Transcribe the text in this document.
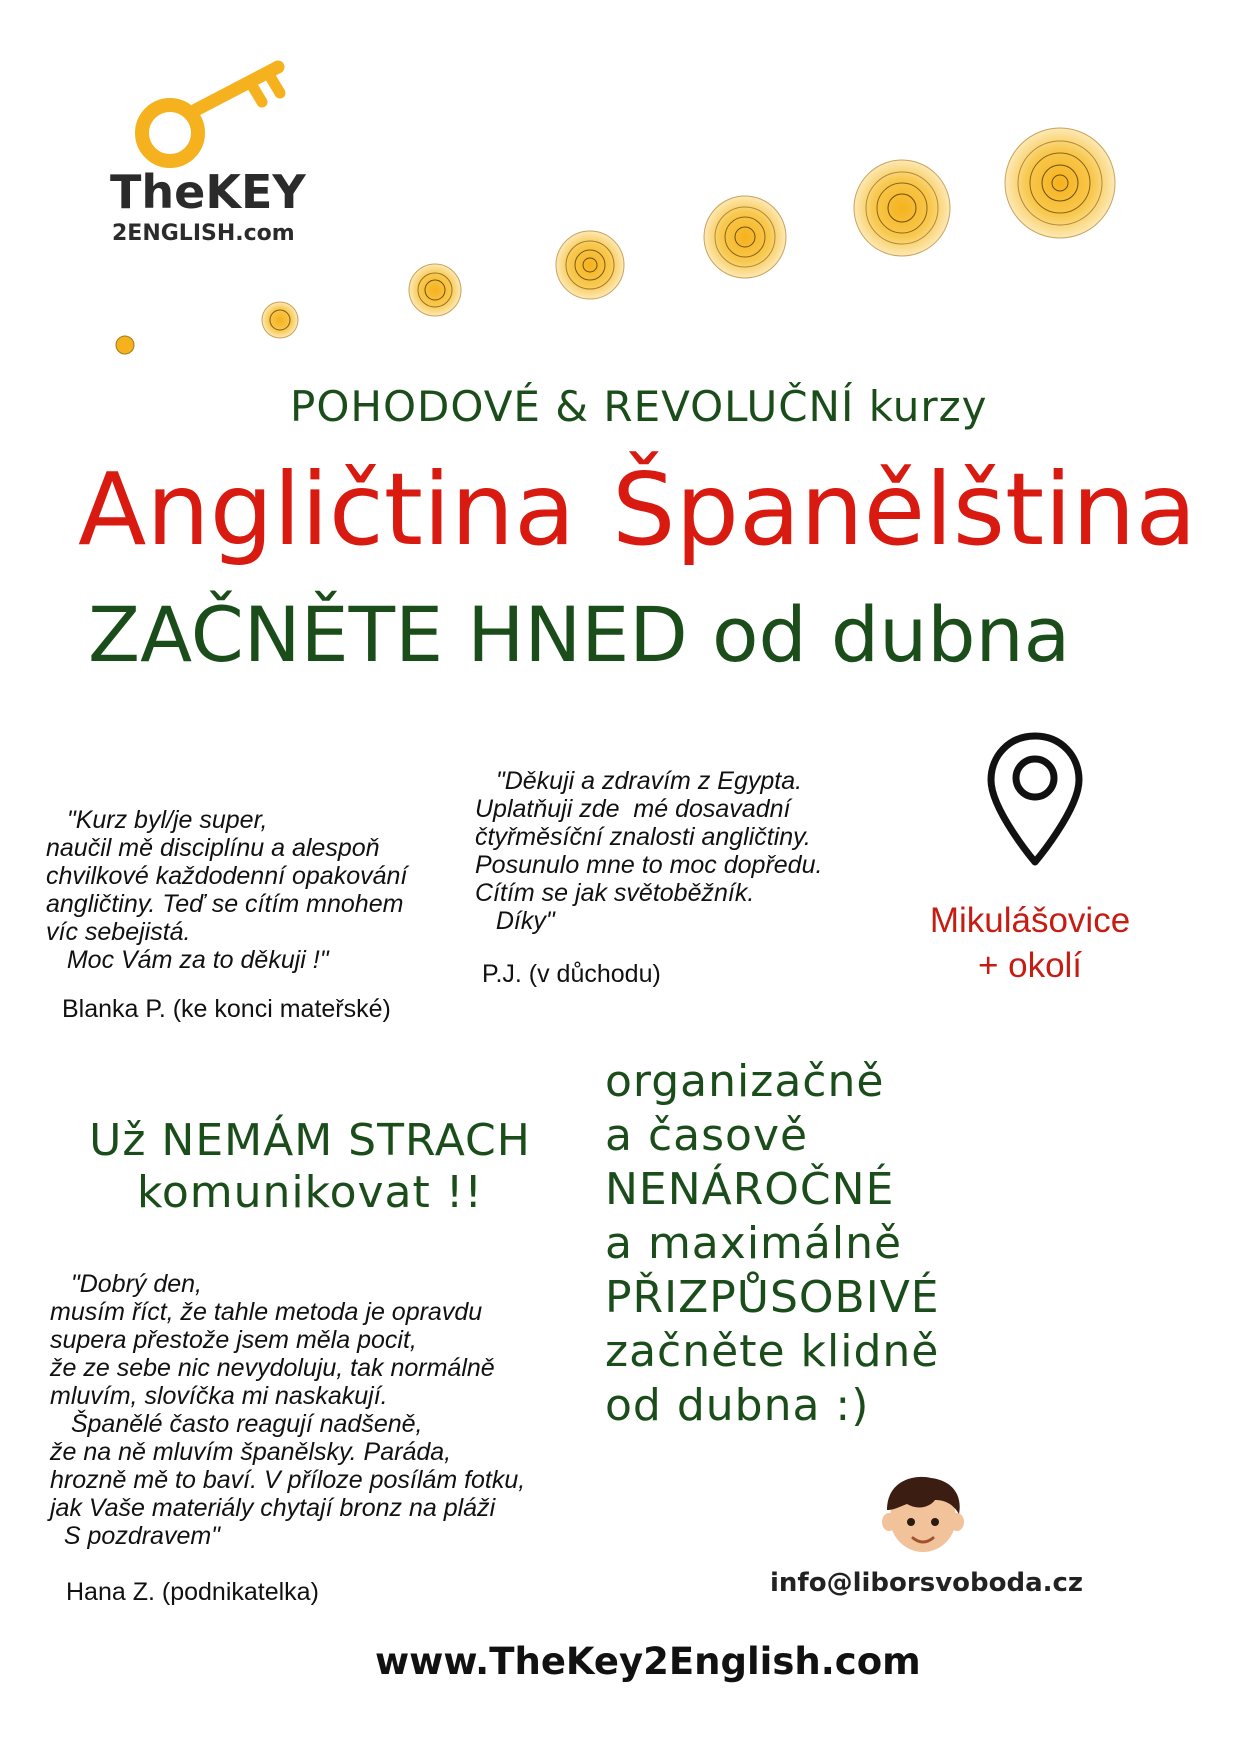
TheKEY
2ENGLISH.com
POHODOVÉ & REVOLUČNÍ kurzy
Angličtina Španělština
ZAČNĚTE HNED od dubna
"Kurz byl/je super,
naučil mě disciplínu a alespoň
chvilkové každodenní opakování
angličtiny. Teď se cítím mnohem
víc sebejistá.
Moc Vám za to děkuji !"
Blanka P. (ke konci mateřské)
"Děkuji a zdravím z Egypta.
Uplatňuji zde  mé dosavadní
čtyřměsíční znalosti angličtiny.
Posunulo mne to moc dopředu.
Cítím se jak světoběžník.
Díky"
P.J. (v důchodu)
Mikulášovice
+ okolí
Už NEMÁM STRACH
komunikovat !!
organizačně
a časově
NENÁROČNÉ
a maximálně
PŘIZPŮSOBIVÉ
začněte klidně
od dubna :)
"Dobrý den,
musím říct, že tahle metoda je opravdu
supera přestože jsem měla pocit,
že ze sebe nic nevydoluju, tak normálně
mluvím, slovíčka mi naskakují.
Španělé často reagují nadšeně,
že na ně mluvím španělsky. Paráda,
hrozně mě to baví. V příloze posílám fotku,
jak Vaše materiály chytají bronz na pláži
S pozdravem"
Hana Z. (podnikatelka)	info@liborsvoboda.cz
www.TheKey2English.com
